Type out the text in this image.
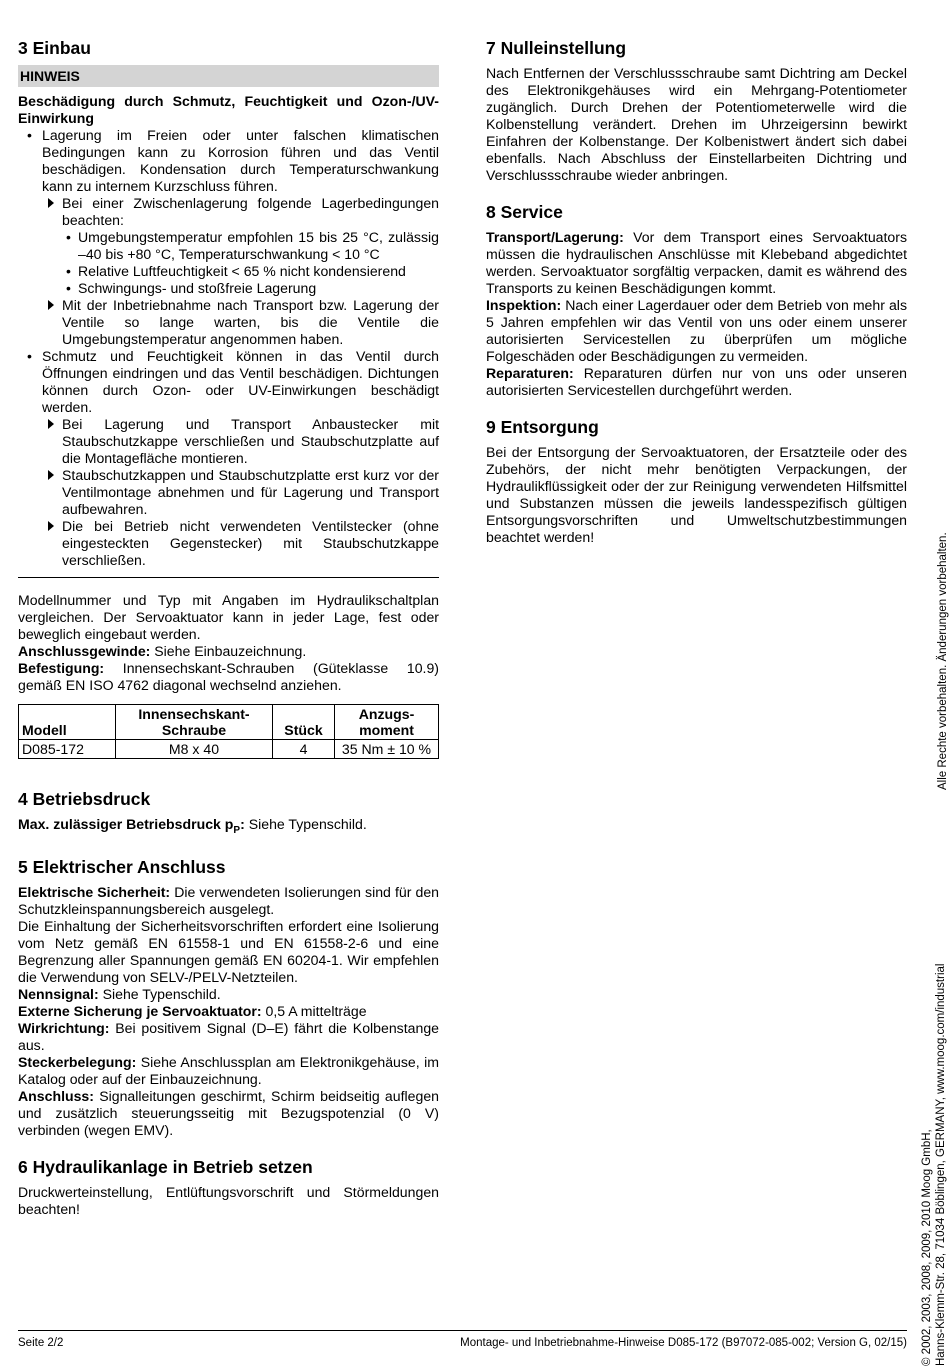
3 Einbau
HINWEIS
Beschädigung durch Schmutz, Feuchtigkeit und Ozon-/UV-Einwirkung
• Lagerung im Freien oder unter falschen klimatischen Bedingungen kann zu Korrosion führen und das Ventil beschädigen. Kondensation durch Temperaturschwankung kann zu internem Kurzschluss führen.
Bei einer Zwischenlagerung folgende Lagerbedingungen beachten:
• Umgebungstemperatur empfohlen 15 bis 25 °C, zulässig –40 bis +80 °C, Temperaturschwankung < 10 °C
• Relative Luftfeuchtigkeit < 65 % nicht kondensierend
• Schwingungs- und stoßfreie Lagerung
Mit der Inbetriebnahme nach Transport bzw. Lagerung der Ventile so lange warten, bis die Ventile die Umgebungstemperatur angenommen haben.
• Schmutz und Feuchtigkeit können in das Ventil durch Öffnungen eindringen und das Ventil beschädigen. Dichtungen können durch Ozon- oder UV-Einwirkungen beschädigt werden.
Bei Lagerung und Transport Anbaustecker mit Staubschutzkappe verschließen und Staubschutzplatte auf die Montagefläche montieren.
Staubschutzkappen und Staubschutzplatte erst kurz vor der Ventilmontage abnehmen und für Lagerung und Transport aufbewahren.
Die bei Betrieb nicht verwendeten Ventilstecker (ohne eingesteckten Gegenstecker) mit Staubschutzkappe verschließen.

Modellnummer und Typ mit Angaben im Hydraulikschaltplan vergleichen. Der Servoaktuator kann in jeder Lage, fest oder beweglich eingebaut werden.

Anschlussgewinde: Siehe Einbauzeichnung.

Befestigung: Innensechskant-Schrauben (Güteklasse 10.9) gemäß EN ISO 4762 diagonal wechselnd anziehen.

Modell	Innensechskant-Schraube	Stück	Anzugs-moment
D085-172	M8 x 40	4	35 Nm ± 10 %
4 Betriebsdruck

Max. zulässiger Betriebsdruck $p_P$: Siehe Typenschild.

5 Elektrischer Anschluss

Elektrische Sicherheit: Die verwendeten Isolierungen sind für den Schutzkleinspannungsbereich ausgelegt.

Die Einhaltung der Sicherheitsvorschriften erfordert eine Isolierung vom Netz gemäß EN 61558-1 und EN 61558-2-6 und eine Begrenzung aller Spannungen gemäß EN 60204-1. Wir empfehlen die Verwendung von SELV-/PELV-Netzteilen.

Nennsignal: Siehe Typenschild.

Externe Sicherung je Servoaktuator: 0,5 A mittelträge

Wirkrichtung: Bei positivem Signal (D–E) fährt die Kolbenstange aus.

Steckerbelegung: Siehe Anschlussplan am Elektronikgehäuse, im Katalog oder auf der Einbauzeichnung.

Anschluss: Signalleitungen geschirmt, Schirm beidseitig auflegen und zusätzlich steuerungsseitig mit Bezugspotenzial (0 V) verbinden (wegen EMV).

6 Hydraulikanlage in Betrieb setzen

Druckwerteinstellung, Entlüftungsvorschrift und Störmeldungen beachten!

7 Nulleinstellung

Nach Entfernen der Verschlussschraube samt Dichtring am Deckel des Elektronikgehäuses wird ein Mehrgang-Potentiometer zugänglich. Durch Drehen der Potentiometerwelle wird die Kolbenstellung verändert. Drehen im Uhrzeigersinn bewirkt Einfahren der Kolbenstange. Der Kolbenistwert ändert sich dabei ebenfalls. Nach Abschluss der Einstellarbeiten Dichtring und Verschlussschraube wieder anbringen.

8 Service

Transport/Lagerung: Vor dem Transport eines Servoaktuators müssen die hydraulischen Anschlüsse mit Klebeband abgedichtet werden. Servoaktuator sorgfältig verpacken, damit es während des Transports zu keinen Beschädigungen kommt.

Inspektion: Nach einer Lagerdauer oder dem Betrieb von mehr als 5 Jahren empfehlen wir das Ventil von uns oder einem unserer autorisierten Servicestellen zu überprüfen um mögliche Folgeschäden oder Beschädigungen zu vermeiden.

Reparaturen: Reparaturen dürfen nur von uns oder unseren autorisierten Servicestellen durchgeführt werden.

9 Entsorgung

Bei der Entsorgung der Servoaktuatoren, der Ersatzteile oder des Zubehörs, der nicht mehr benötigten Verpackungen, der Hydraulikflüssigkeit oder der zur Reinigung verwendeten Hilfsmittel und Substanzen müssen die jeweils landesspezifisch gültigen Entsorgungsvorschriften und Umweltschutzbestimmungen beachtet werden!	Alle Rechte vorbehalten. Änderungen vorbehalten.
© 2002, 2003, 2008, 2009, 2010 Moog GmbH, Hanns-Klemm-Str. 28, 71034 Böblingen, GERMANY, www.moog.com/industrial
Seite 2/2	Montage- und Inbetriebnahme-Hinweise D085-172 (B97072-085-002; Version G, 02/15)
